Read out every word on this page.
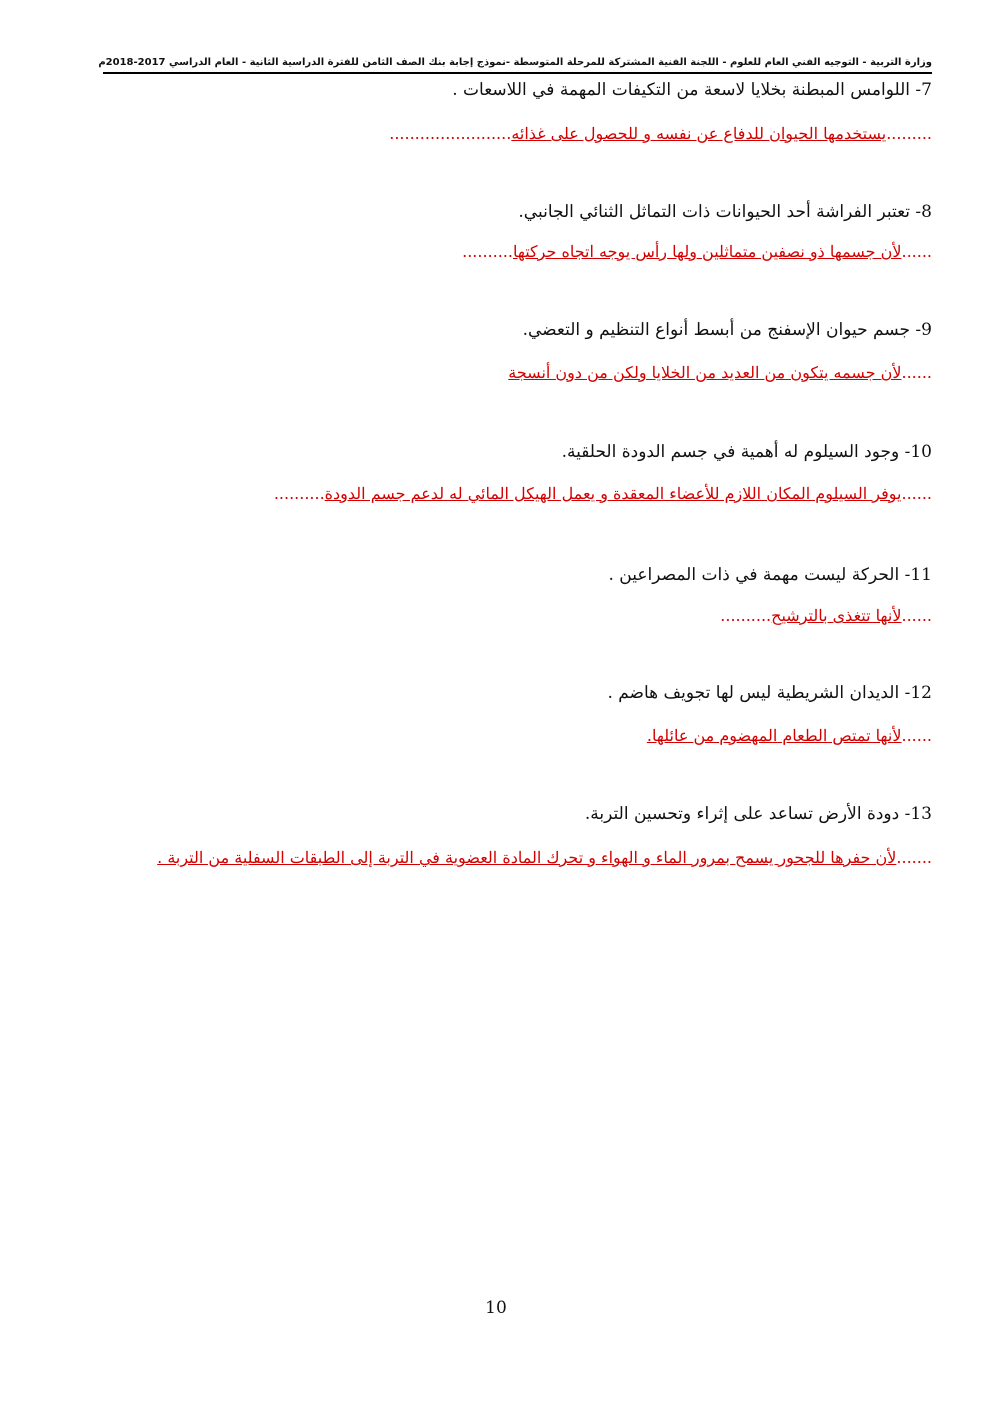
وزارة التربية - التوجيه الفني العام للعلوم - اللجنة الفنية المشتركة للمرحلة المتوسطة -نموذج إجابة بنك الصف الثامن للفترة الدراسية الثانية - العام الدراسي 2017-2018م
7- اللوامس المبطنة بخلايا لاسعة من التكيفات المهمة في اللاسعات .
.........يستخدمها الحيوان للدفاع عن نفسه و للحصول على غذائه........................
8- تعتبر الفراشة أحد الحيوانات ذات التماثل الثنائي الجانبي.
......لأن جسمها ذو نصفين متماثلين ولها رأس يوجه اتجاه حركتها..........
9- جسم حيوان الإسفنج من أبسط أنواع التنظيم و التعضي.
......لأن جسمه يتكون من العديد من الخلايا ولكن من دون أنسجة
10- وجود السيلوم له أهمية في جسم الدودة الحلقية.
......يوفر السيلوم المكان اللازم للأعضاء المعقدة و يعمل الهيكل المائي له لدعم جسم الدودة..........
11- الحركة ليست مهمة في ذات المصراعين .
......لأنها تتغذى بالترشيح..........
12- الديدان الشريطية ليس لها تجويف هاضم .
......لأنها تمتص الطعام المهضوم من عائلها.
13- دودة الأرض تساعد على إثراء وتحسين التربة.
.......لأن حفرها للجحور يسمح بمرور الماء و الهواء و تحرك المادة العضوية في التربة إلى الطبقات السفلية من التربة .
10
